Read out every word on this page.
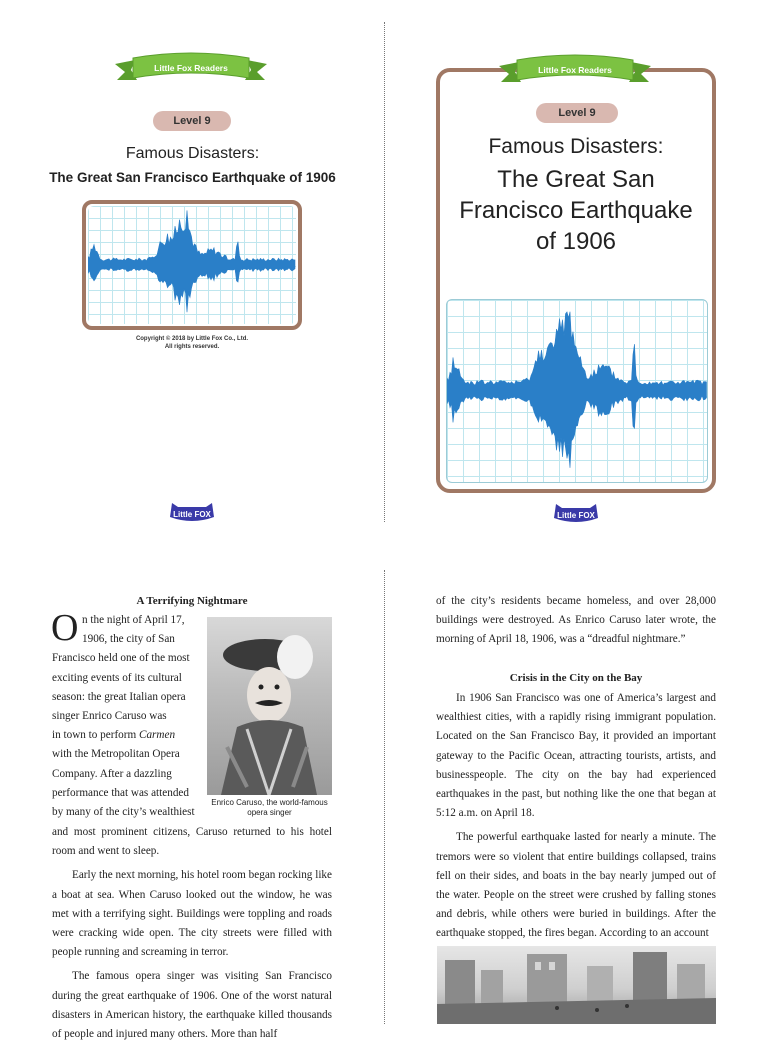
Little Fox Readers
Level 9
Famous Disasters:
The Great San Francisco Earthquake of 1906
Copyright © 2018 by Little Fox Co., Ltd.
All rights reserved.
Little FOX
Little Fox Readers
Level 9
Famous Disasters:
The Great San
Francisco Earthquake
of 1906
Little FOX
A Terrifying Nightmare
O n the night of April 17,
1906, the city of San
Francisco held one of the most
exciting events of its cultural
season: the great Italian opera
singer Enrico Caruso was
in town to perform Carmen
with the Metropolitan Opera
Company. After a dazzling
performance that was attended
by many of the city’s wealthiest
Enrico Caruso, the world-famous opera singer

and most prominent citizens, Caruso returned to his hotel room and went to sleep.

Early the next morning, his hotel room began rocking like a boat at sea. When Caruso looked out the window, he was met with a terrifying sight. Buildings were toppling and roads were cracking wide open. The city streets were filled with people running and screaming in terror.

The famous opera singer was visiting San Francisco during the great earthquake of 1906. One of the worst natural disasters in American history, the earthquake killed thousands of people and injured many others. More than half

of the city’s residents became homeless, and over 28,000 buildings were destroyed. As Enrico Caruso later wrote, the morning of April 18, 1906, was a “dreadful nightmare.”

Crisis in the City on the Bay

In 1906 San Francisco was one of America’s largest and wealthiest cities, with a rapidly rising immigrant population. Located on the San Francisco Bay, it provided an important gateway to the Pacific Ocean, attracting tourists, artists, and businesspeople. The city on the bay had experienced earthquakes in the past, but nothing like the one that began at 5:12 a.m. on April 18.

The powerful earthquake lasted for nearly a minute. The tremors were so violent that entire buildings collapsed, trains fell on their sides, and boats in the bay nearly jumped out of the water. People on the street were crushed by falling stones and debris, while others were buried in buildings. After the earthquake stopped, the fires began. According to an account
